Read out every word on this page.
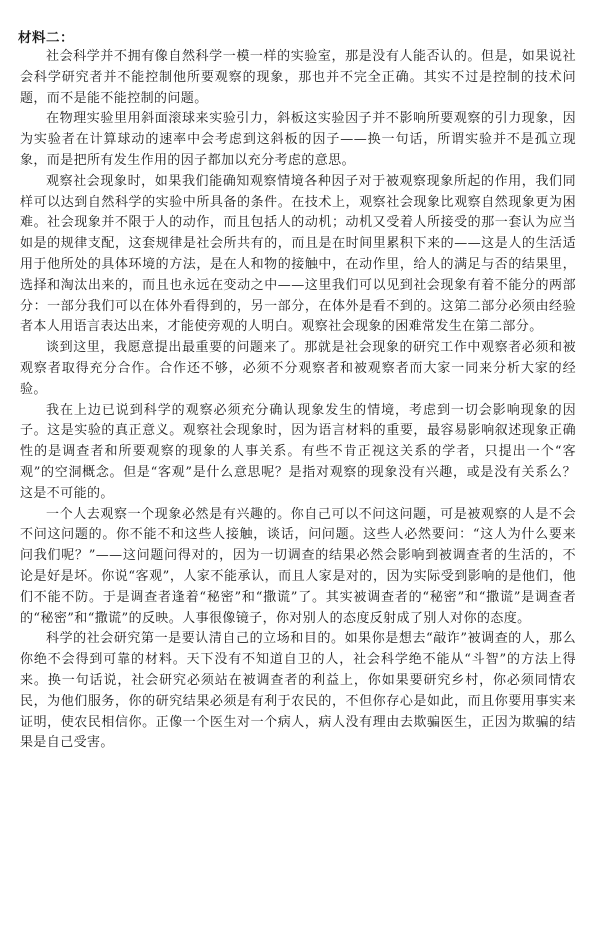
材料二：

社会科学并不拥有像自然科学一模一样的实验室，那是没有人能否认的。但是，如果说社会科学研究者并不能控制他所要观察的现象，那也并不完全正确。其实不过是控制的技术问题，而不是能不能控制的问题。

在物理实验里用斜面滚球来实验引力，斜板这实验因子并不影响所要观察的引力现象，因为实验者在计算球动的速率中会考虑到这斜板的因子——换一句话，所谓实验并不是孤立现象，而是把所有发生作用的因子都加以充分考虑的意思。

观察社会现象时，如果我们能确知观察情境各种因子对于被观察现象所起的作用，我们同样可以达到自然科学的实验中所具备的条件。在技术上，观察社会现象比观察自然现象更为困难。社会现象并不限于人的动作，而且包括人的动机；动机又受着人所接受的那一套认为应当如是的规律支配，这套规律是社会所共有的，而且是在时间里累积下来的——这是人的生活适用于他所处的具体环境的方法，是在人和物的接触中，在动作里，给人的满足与否的结果里，选择和淘汰出来的，而且也永远在变动之中——这里我们可以见到社会现象有着不能分的两部分：一部分我们可以在体外看得到的，另一部分，在体外是看不到的。这第二部分必须由经验者本人用语言表达出来，才能使旁观的人明白。观察社会现象的困难常发生在第二部分。

谈到这里，我愿意提出最重要的问题来了。那就是社会现象的研究工作中观察者必须和被观察者取得充分合作。合作还不够，必须不分观察者和被观察者而大家一同来分析大家的经验。

我在上边已说到科学的观察必须充分确认现象发生的情境，考虑到一切会影响现象的因子。这是实验的真正意义。观察社会现象时，因为语言材料的重要，最容易影响叙述现象正确性的是调查者和所要观察的现象的人事关系。有些不肯正视这关系的学者，只提出一个“客观”的空洞概念。但是“客观”是什么意思呢？是指对观察的现象没有兴趣，或是没有关系么？这是不可能的。

一个人去观察一个现象必然是有兴趣的。你自己可以不问这问题，可是被观察的人是不会不问这问题的。你不能不和这些人接触，谈话，问问题。这些人必然要问：“这人为什么要来问我们呢？”——这问题问得对的，因为一切调查的结果必然会影响到被调查者的生活的，不论是好是坏。你说“客观”，人家不能承认，而且人家是对的，因为实际受到影响的是他们，他们不能不防。于是调查者逢着“秘密”和“撒谎”了。其实被调查者的“秘密”和“撒谎”是调查者的“秘密”和“撒谎”的反映。人事很像镜子，你对别人的态度反射成了别人对你的态度。

科学的社会研究第一是要认清自己的立场和目的。如果你是想去“敲诈”被调查的人，那么你绝不会得到可靠的材料。天下没有不知道自卫的人，社会科学绝不能从“斗智”的方法上得来。换一句话说，社会研究必须站在被调查者的利益上，你如果要研究乡村，你必须同情农民，为他们服务，你的研究结果必须是有利于农民的，不但你存心是如此，而且你要用事实来证明，使农民相信你。正像一个医生对一个病人，病人没有理由去欺骗医生，正因为欺骗的结果是自己受害。
